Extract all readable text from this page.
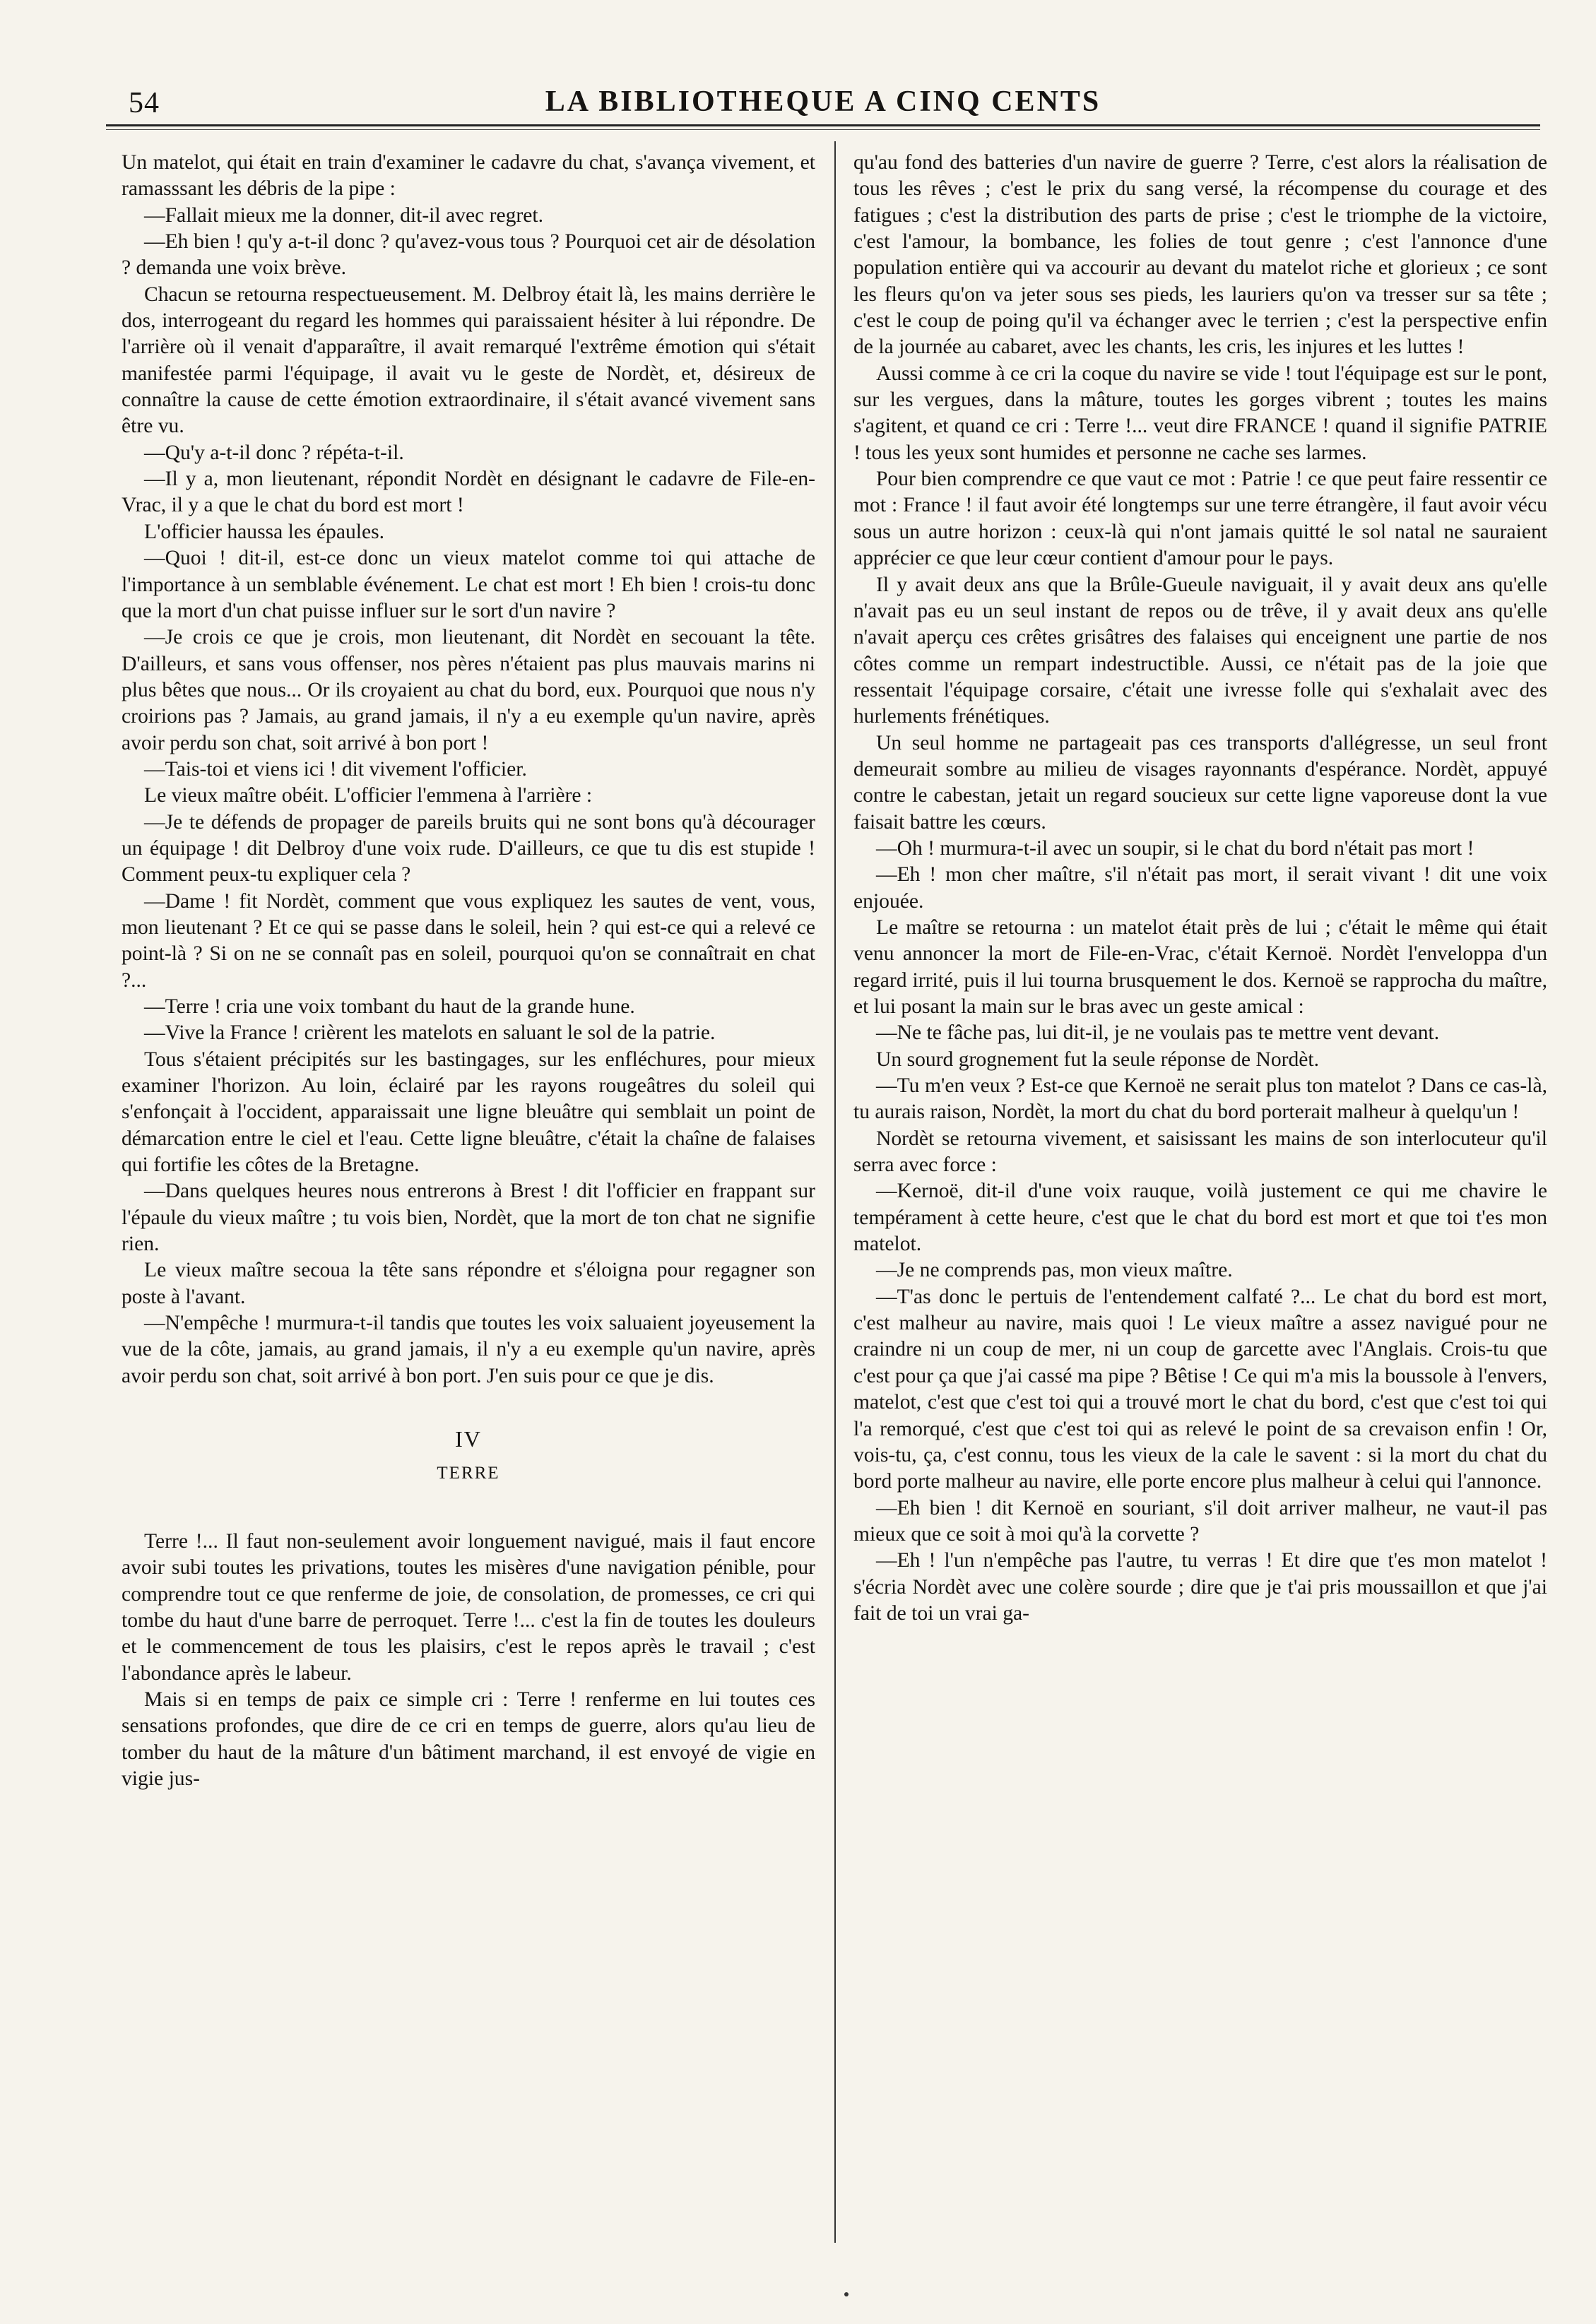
54	LA BIBLIOTHEQUE A CINQ CENTS

Un matelot, qui était en train d'examiner le cadavre du chat, s'avança vivement, et ramasssant les débris de la pipe :

—Fallait mieux me la donner, dit-il avec regret.

—Eh bien ! qu'y a-t-il donc ? qu'avez-vous tous ? Pourquoi cet air de désolation ? demanda une voix brève.

Chacun se retourna respectueusement. M. Delbroy était là, les mains derrière le dos, interrogeant du regard les hommes qui paraissaient hésiter à lui répondre. De l'arrière où il venait d'apparaître, il avait remarqué l'extrême émotion qui s'était manifestée parmi l'équipage, il avait vu le geste de Nordèt, et, désireux de connaître la cause de cette émotion extraordinaire, il s'était avancé vivement sans être vu.

—Qu'y a-t-il donc ? répéta-t-il.

—Il y a, mon lieutenant, répondit Nordèt en désignant le cadavre de File-en-Vrac, il y a que le chat du bord est mort !

L'officier haussa les épaules.

—Quoi ! dit-il, est-ce donc un vieux matelot comme toi qui attache de l'importance à un semblable événement. Le chat est mort ! Eh bien ! crois-tu donc que la mort d'un chat puisse influer sur le sort d'un navire ?

—Je crois ce que je crois, mon lieutenant, dit Nordèt en secouant la tête. D'ailleurs, et sans vous offenser, nos pères n'étaient pas plus mauvais marins ni plus bêtes que nous... Or ils croyaient au chat du bord, eux. Pourquoi que nous n'y croirions pas ? Jamais, au grand jamais, il n'y a eu exemple qu'un navire, après avoir perdu son chat, soit arrivé à bon port !

—Tais-toi et viens ici ! dit vivement l'officier.

Le vieux maître obéit. L'officier l'emmena à l'arrière :

—Je te défends de propager de pareils bruits qui ne sont bons qu'à décourager un équipage ! dit Delbroy d'une voix rude. D'ailleurs, ce que tu dis est stupide ! Comment peux-tu expliquer cela ?

—Dame ! fit Nordèt, comment que vous expliquez les sautes de vent, vous, mon lieutenant ? Et ce qui se passe dans le soleil, hein ? qui est-ce qui a relevé ce point-là ? Si on ne se connaît pas en soleil, pourquoi qu'on se connaîtrait en chat ?...

—Terre ! cria une voix tombant du haut de la grande hune.

—Vive la France ! crièrent les matelots en saluant le sol de la patrie.

Tous s'étaient précipités sur les bastingages, sur les enfléchures, pour mieux examiner l'horizon. Au loin, éclairé par les rayons rougeâtres du soleil qui s'enfonçait à l'occident, apparaissait une ligne bleuâtre qui semblait un point de démarcation entre le ciel et l'eau. Cette ligne bleuâtre, c'était la chaîne de falaises qui fortifie les côtes de la Bretagne.

—Dans quelques heures nous entrerons à Brest ! dit l'officier en frappant sur l'épaule du vieux maître ; tu vois bien, Nordèt, que la mort de ton chat ne signifie rien.

Le vieux maître secoua la tête sans répondre et s'éloigna pour regagner son poste à l'avant.

—N'empêche ! murmura-t-il tandis que toutes les voix saluaient joyeusement la vue de la côte, jamais, au grand jamais, il n'y a eu exemple qu'un navire, après avoir perdu son chat, soit arrivé à bon port. J'en suis pour ce que je dis.

IV
TERRE

Terre !... Il faut non-seulement avoir longuement navigué, mais il faut encore avoir subi toutes les privations, toutes les misères d'une navigation pénible, pour comprendre tout ce que renferme de joie, de consolation, de promesses, ce cri qui tombe du haut d'une barre de perroquet. Terre !... c'est la fin de toutes les douleurs et le commencement de tous les plaisirs, c'est le repos après le travail ; c'est l'abondance après le labeur.

Mais si en temps de paix ce simple cri : Terre ! renferme en lui toutes ces sensations profondes, que dire de ce cri en temps de guerre, alors qu'au lieu de tomber du haut de la mâture d'un bâtiment marchand, il est envoyé de vigie en vigie jus-

qu'au fond des batteries d'un navire de guerre ? Terre, c'est alors la réalisation de tous les rêves ; c'est le prix du sang versé, la récompense du courage et des fatigues ; c'est la distribution des parts de prise ; c'est le triomphe de la victoire, c'est l'amour, la bombance, les folies de tout genre ; c'est l'annonce d'une population entière qui va accourir au devant du matelot riche et glorieux ; ce sont les fleurs qu'on va jeter sous ses pieds, les lauriers qu'on va tresser sur sa tête ; c'est le coup de poing qu'il va échanger avec le terrien ; c'est la perspective enfin de la journée au cabaret, avec les chants, les cris, les injures et les luttes !

Aussi comme à ce cri la coque du navire se vide ! tout l'équipage est sur le pont, sur les vergues, dans la mâture, toutes les gorges vibrent ; toutes les mains s'agitent, et quand ce cri : Terre !... veut dire FRANCE ! quand il signifie PATRIE ! tous les yeux sont humides et personne ne cache ses larmes.

Pour bien comprendre ce que vaut ce mot : Patrie ! ce que peut faire ressentir ce mot : France ! il faut avoir été longtemps sur une terre étrangère, il faut avoir vécu sous un autre horizon : ceux-là qui n'ont jamais quitté le sol natal ne sauraient apprécier ce que leur cœur contient d'amour pour le pays.

Il y avait deux ans que la Brûle-Gueule naviguait, il y avait deux ans qu'elle n'avait pas eu un seul instant de repos ou de trêve, il y avait deux ans qu'elle n'avait aperçu ces crêtes grisâtres des falaises qui enceignent une partie de nos côtes comme un rempart indestructible. Aussi, ce n'était pas de la joie que ressentait l'équipage corsaire, c'était une ivresse folle qui s'exhalait avec des hurlements frénétiques.

Un seul homme ne partageait pas ces transports d'allégresse, un seul front demeurait sombre au milieu de visages rayonnants d'espérance. Nordèt, appuyé contre le cabestan, jetait un regard soucieux sur cette ligne vaporeuse dont la vue faisait battre les cœurs.

—Oh ! murmura-t-il avec un soupir, si le chat du bord n'était pas mort !

—Eh ! mon cher maître, s'il n'était pas mort, il serait vivant ! dit une voix enjouée.

Le maître se retourna : un matelot était près de lui ; c'était le même qui était venu annoncer la mort de File-en-Vrac, c'était Kernoë. Nordèt l'enveloppa d'un regard irrité, puis il lui tourna brusquement le dos. Kernoë se rapprocha du maître, et lui posant la main sur le bras avec un geste amical :

—Ne te fâche pas, lui dit-il, je ne voulais pas te mettre vent devant.

Un sourd grognement fut la seule réponse de Nordèt.

—Tu m'en veux ? Est-ce que Kernoë ne serait plus ton matelot ? Dans ce cas-là, tu aurais raison, Nordèt, la mort du chat du bord porterait malheur à quelqu'un !

Nordèt se retourna vivement, et saisissant les mains de son interlocuteur qu'il serra avec force :

—Kernoë, dit-il d'une voix rauque, voilà justement ce qui me chavire le tempérament à cette heure, c'est que le chat du bord est mort et que toi t'es mon matelot.

—Je ne comprends pas, mon vieux maître.

—T'as donc le pertuis de l'entendement calfaté ?... Le chat du bord est mort, c'est malheur au navire, mais quoi ! Le vieux maître a assez navigué pour ne craindre ni un coup de mer, ni un coup de garcette avec l'Anglais. Crois-tu que c'est pour ça que j'ai cassé ma pipe ? Bêtise ! Ce qui m'a mis la boussole à l'envers, matelot, c'est que c'est toi qui a trouvé mort le chat du bord, c'est que c'est toi qui l'a remorqué, c'est que c'est toi qui as relevé le point de sa crevaison enfin ! Or, vois-tu, ça, c'est connu, tous les vieux de la cale le savent : si la mort du chat du bord porte malheur au navire, elle porte encore plus malheur à celui qui l'annonce.

—Eh bien ! dit Kernoë en souriant, s'il doit arriver malheur, ne vaut-il pas mieux que ce soit à moi qu'à la corvette ?

—Eh ! l'un n'empêche pas l'autre, tu verras ! Et dire que t'es mon matelot ! s'écria Nordèt avec une colère sourde ; dire que je t'ai pris moussaillon et que j'ai fait de toi un vrai ga-
